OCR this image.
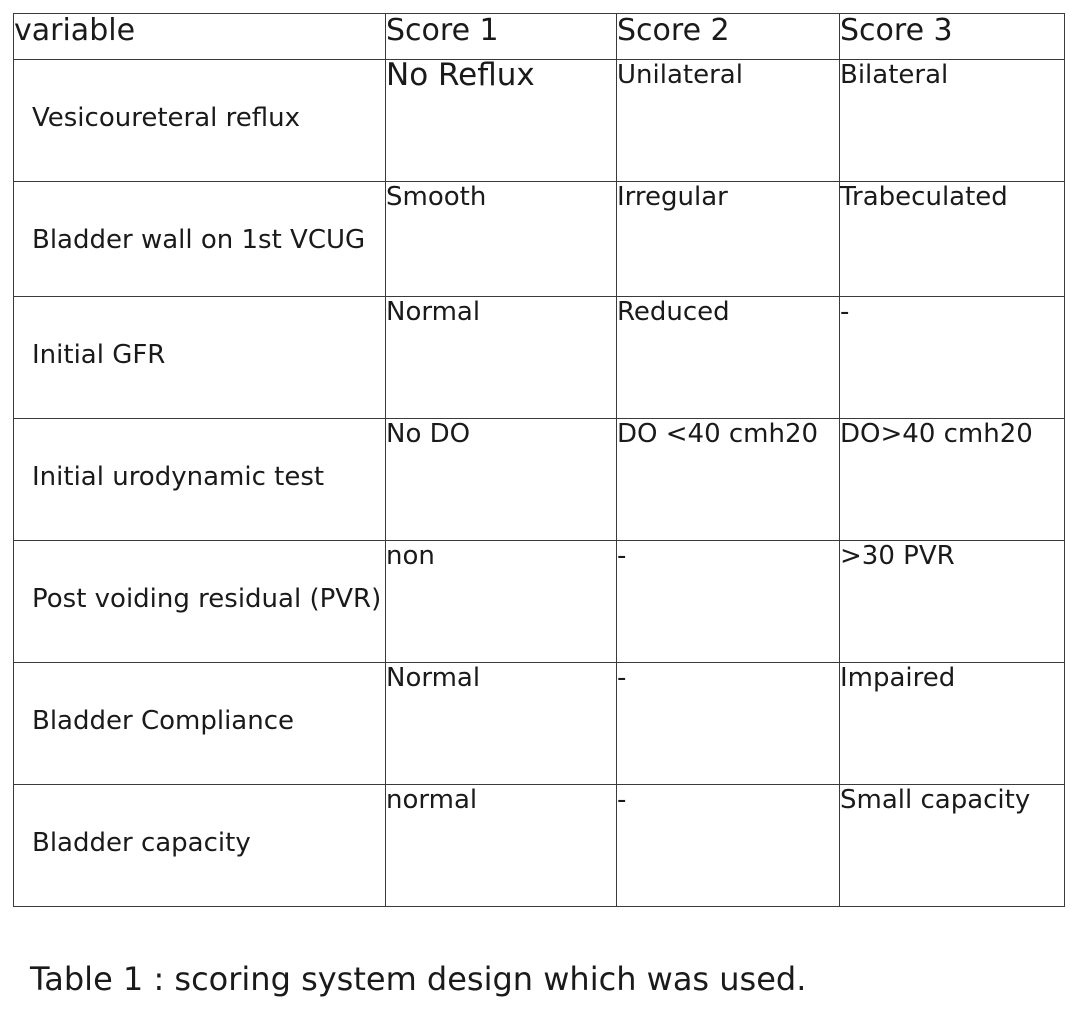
variable	Score 1	Score 2	Score 3

Vesicoureteral reflux	No Reflux	Unilateral	Bilateral

Bladder wall on 1st VCUG	Smooth	Irregular	Trabeculated

Initial GFR	Normal	Reduced	-

Initial urodynamic test	No DO	DO <40 cmh20	DO>40 cmh20

Post voiding residual (PVR)	non	-	>30 PVR

Bladder Compliance	Normal	-	Impaired

Bladder capacity	normal	-	Small capacity
Table 1 : scoring system design which was used.
